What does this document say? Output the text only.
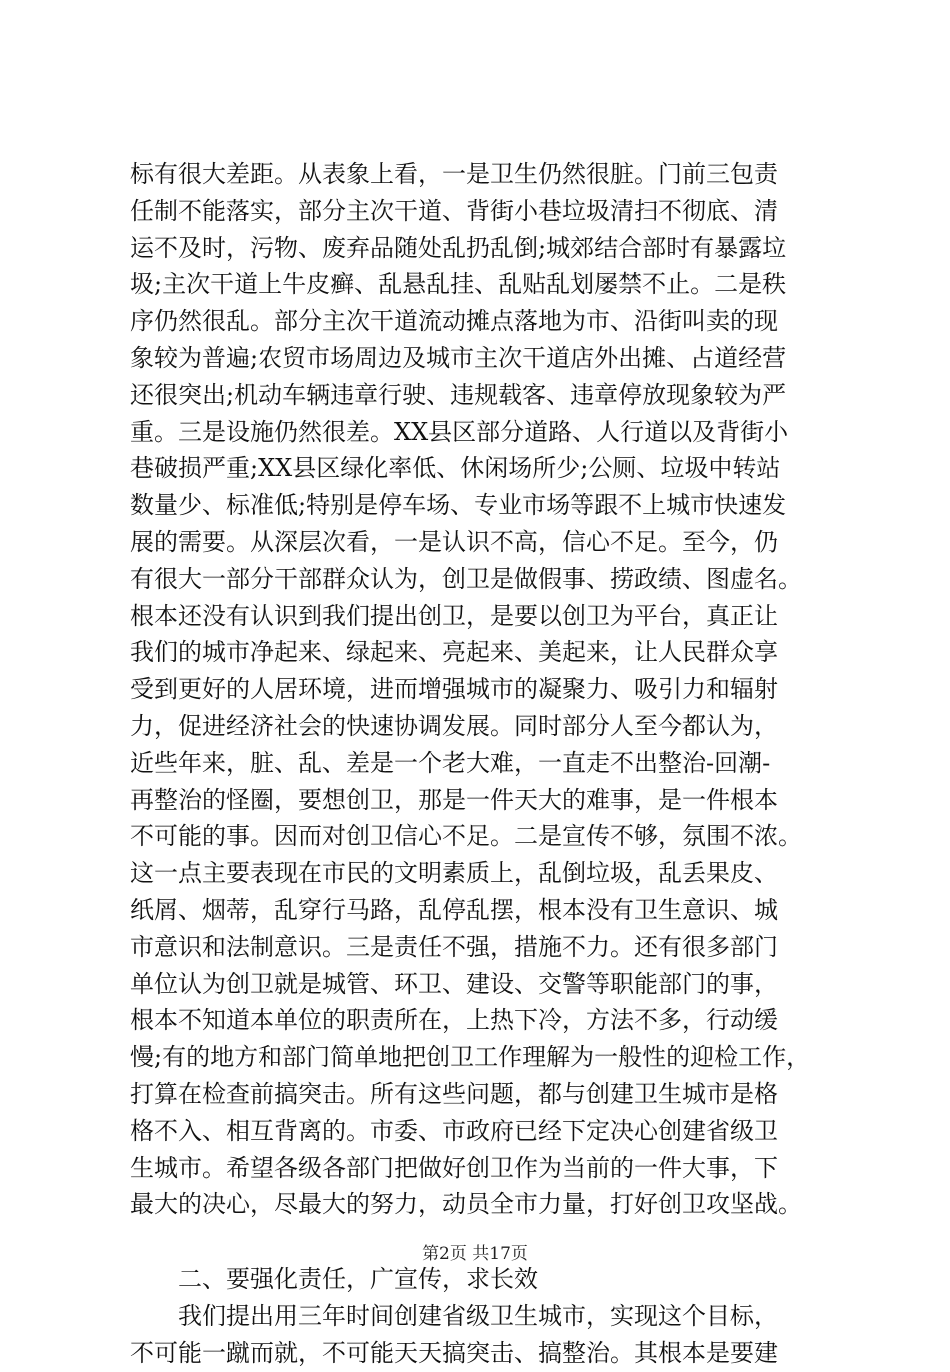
标有很大差距。从表象上看，一是卫生仍然很脏。门前三包责
任制不能落实，部分主次干道、背街小巷垃圾清扫不彻底、清
运不及时，污物、废弃品随处乱扔乱倒;城郊结合部时有暴露垃
圾;主次干道上牛皮癣、乱悬乱挂、乱贴乱划屡禁不止。二是秩
序仍然很乱。部分主次干道流动摊点落地为市、沿街叫卖的现
象较为普遍;农贸市场周边及城市主次干道店外出摊、占道经营
还很突出;机动车辆违章行驶、违规载客、违章停放现象较为严
重。三是设施仍然很差。XX县区部分道路、人行道以及背街小
巷破损严重;XX县区绿化率低、休闲场所少;公厕、垃圾中转站
数量少、标准低;特别是停车场、专业市场等跟不上城市快速发
展的需要。从深层次看，一是认识不高，信心不足。至今，仍
有很大一部分干部群众认为，创卫是做假事、捞政绩、图虚名。
根本还没有认识到我们提出创卫，是要以创卫为平台，真正让
我们的城市净起来、绿起来、亮起来、美起来，让人民群众享
受到更好的人居环境，进而增强城市的凝聚力、吸引力和辐射
力，促进经济社会的快速协调发展。同时部分人至今都认为，
近些年来，脏、乱、差是一个老大难，一直走不出整治-回潮-
再整治的怪圈，要想创卫，那是一件天大的难事，是一件根本
不可能的事。因而对创卫信心不足。二是宣传不够，氛围不浓。
这一点主要表现在市民的文明素质上，乱倒垃圾，乱丢果皮、
纸屑、烟蒂，乱穿行马路，乱停乱摆，根本没有卫生意识、城
市意识和法制意识。三是责任不强，措施不力。还有很多部门
单位认为创卫就是城管、环卫、建设、交警等职能部门的事，
根本不知道本单位的职责所在，上热下冷，方法不多，行动缓
慢;有的地方和部门简单地把创卫工作理解为一般性的迎检工作，
打算在检查前搞突击。所有这些问题，都与创建卫生城市是格
格不入、相互背离的。市委、市政府已经下定决心创建省级卫
生城市。希望各级各部门把做好创卫作为当前的一件大事，下
最大的决心，尽最大的努力，动员全市力量，打好创卫攻坚战。
二、要强化责任，广宣传，求长效
我们提出用三年时间创建省级卫生城市，实现这个目标，
不可能一蹴而就，不可能天天搞突击、搞整治。其根本是要建
第2页 共17页
